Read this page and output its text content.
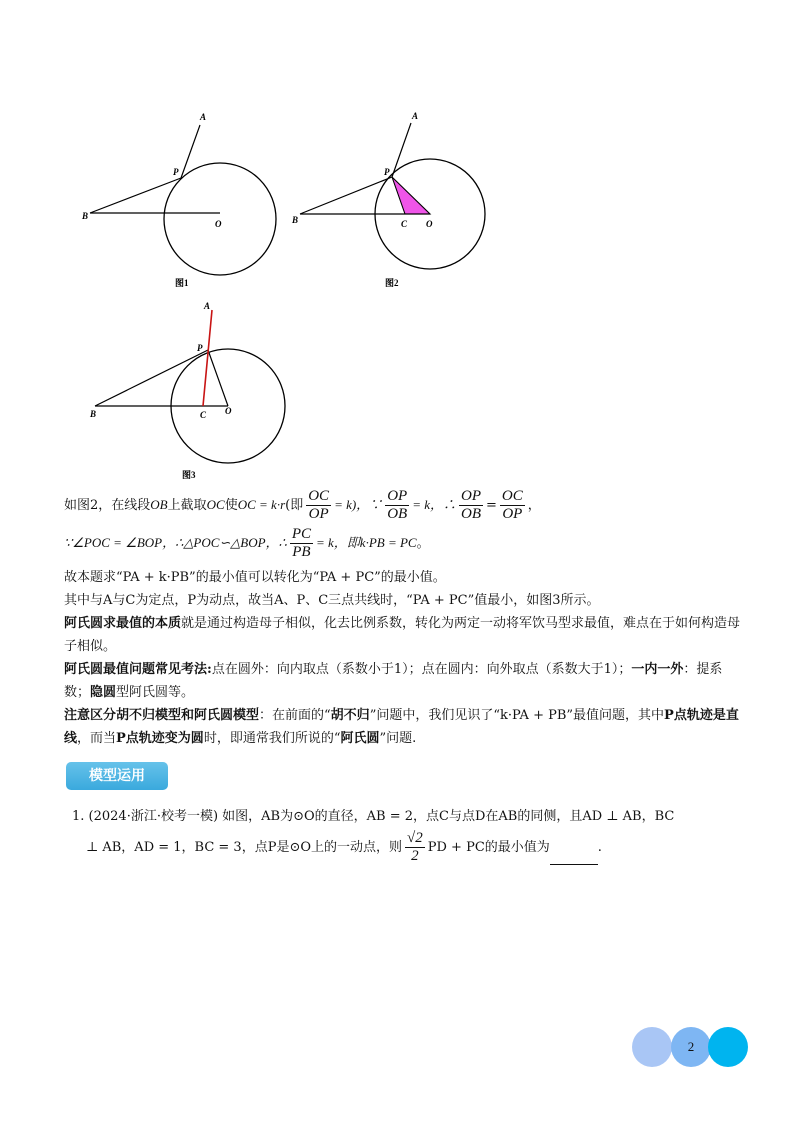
A
P
B
O
图1
A
P
B	C O
图2
A
P
B	C O
图3
如图2，在线段OB上截取OC使OC = k·r(即 $\frac{OC}{OP} = k$)，∵ $\frac{OP}{OB} = k$，∴ $\frac{OP}{OB} = \frac{OC}{OP}$ ，
∵∠POC = ∠BOP，∴△POC∽△BOP，∴ $\frac{PC}{PB} = k$，即k·PB = PC。
故本题求“PA + k·PB”的最小值可以转化为“PA + PC”的最小值。
其中与A与C为定点，P为动点，故当A、P、C三点共线时，“PA + PC”值最小，如图3所示。
阿氏圆求最值的本质就是通过构造母子相似，化去比例系数，转化为两定一动将军饮马型求最值，难点在于如何构造母子相似。
阿氏圆最值问题常见考法:点在圆外：向内取点（系数小于1）；点在圆内：向外取点（系数大于1）；一内一外：提系数；隐圆型阿氏圆等。
注意区分胡不归模型和阿氏圆模型：在前面的“胡不归”问题中，我们见识了“k·PA + PB”最值问题，其中P点轨迹是直线，而当P点轨迹变为圆时，即通常我们所说的“阿氏圆”问题.
模型运用
1. (2024·浙江·校考一模) 如图，AB为⊙O的直径，AB = 2，点C与点D在AB的同侧，且AD ⊥ AB，BC
⊥ AB，AD = 1，BC = 3，点P是⊙O上的一动点，则 $\frac{√2}{2}$ PD + PC的最小值为	.
2
